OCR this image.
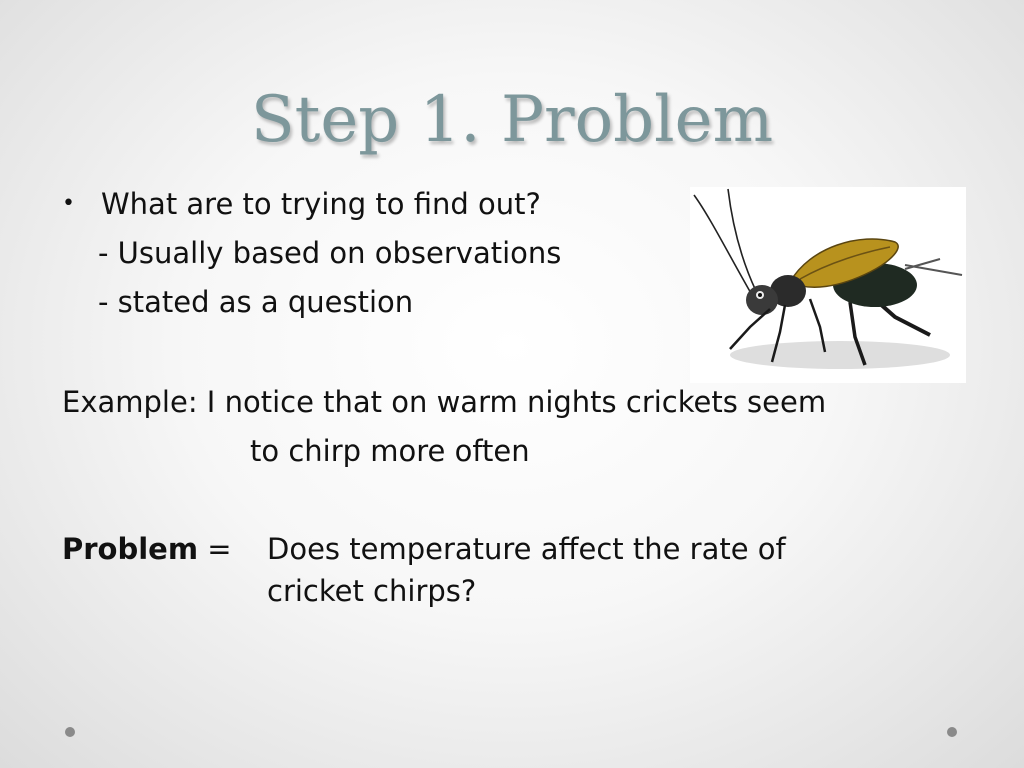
Step 1. Problem
• What are to trying to find out?
- Usually based on observations
- stated as a question
Example: I notice that on warm nights crickets seem
to chirp more often
Problem = Does temperature affect the rate of
cricket chirps?
